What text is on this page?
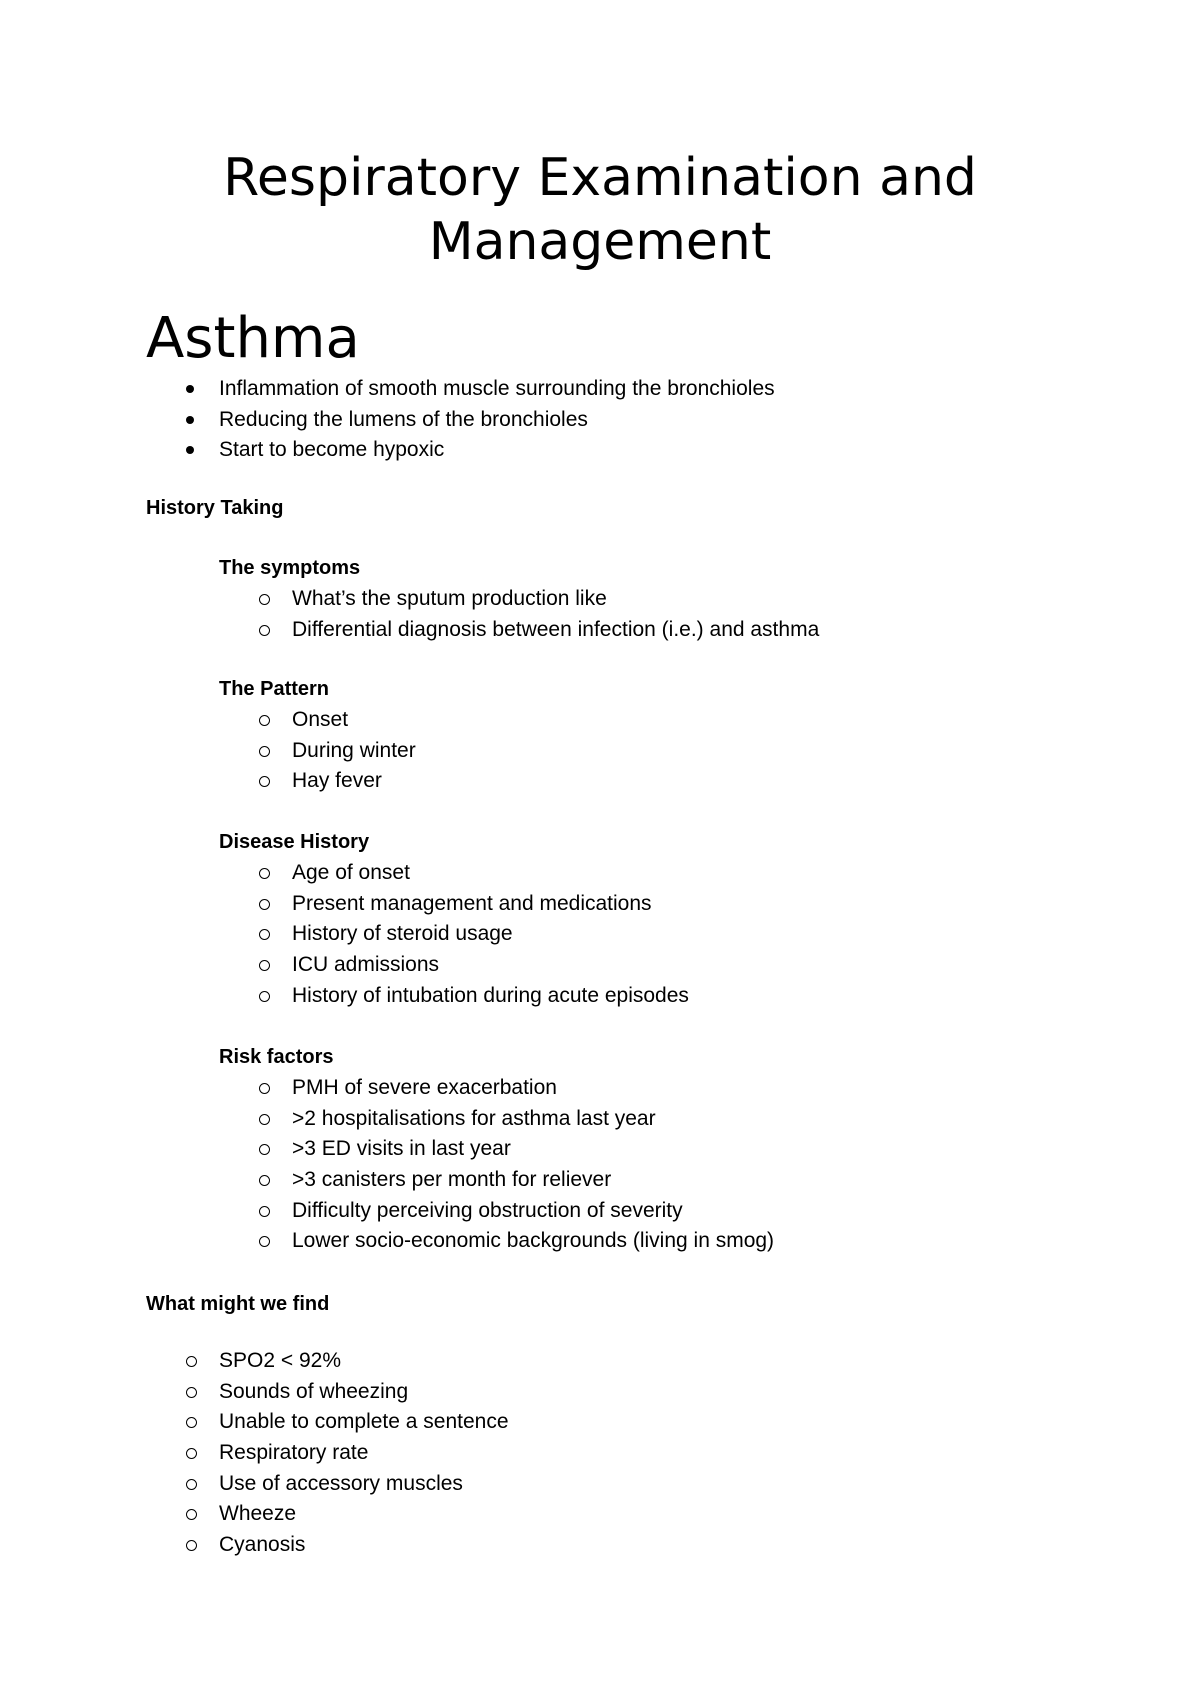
Respiratory Examination and Management
Asthma
Inflammation of smooth muscle surrounding the bronchioles
Reducing the lumens of the bronchioles
Start to become hypoxic
History Taking
The symptoms
What’s the sputum production like
Differential diagnosis between infection (i.e.) and asthma
The Pattern
Onset
During winter
Hay fever
Disease History
Age of onset
Present management and medications
History of steroid usage
ICU admissions
History of intubation during acute episodes
Risk factors
PMH of severe exacerbation
>2 hospitalisations for asthma last year
>3 ED visits in last year
>3 canisters per month for reliever
Difficulty perceiving obstruction of severity
Lower socio-economic backgrounds (living in smog)
What might we find
SPO2 < 92%
Sounds of wheezing
Unable to complete a sentence
Respiratory rate
Use of accessory muscles
Wheeze
Cyanosis
